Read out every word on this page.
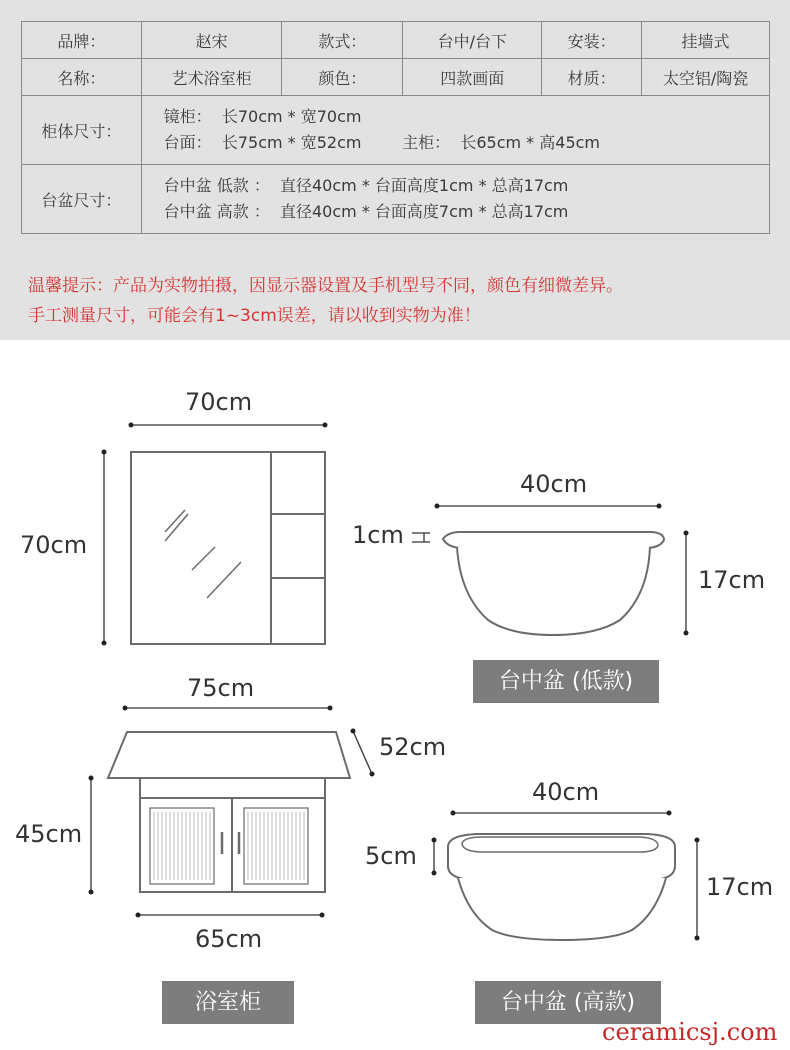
品牌：	赵宋	款式：	台中/台下	安装：	挂墙式
名称：	艺术浴室柜	颜色：	四款画面	材质：	太空铝/陶瓷
柜体尺寸：	镜柜：  长70cm * 宽70cm
台面：  长75cm * 宽52cm        主柜：  长65cm * 高45cm				

台盆尺寸：	台中盆 低款 ：  直径40cm * 台面高度1cm * 总高17cm
台中盆 高款 ：  直径40cm * 台面高度7cm * 总高17cm				
温馨提示：产品为实物拍摄，因显示器设置及手机型号不同，颜色有细微差异。
手工测量尺寸，可能会有1~3cm误差，请以收到实物为准！
70cm
70cm
40cm
1cm
17cm
台中盆 (低款)
75cm
52cm
45cm
65cm
40cm
5cm
17cm
浴室柜	台中盆 (高款)
ceramicsj.com
